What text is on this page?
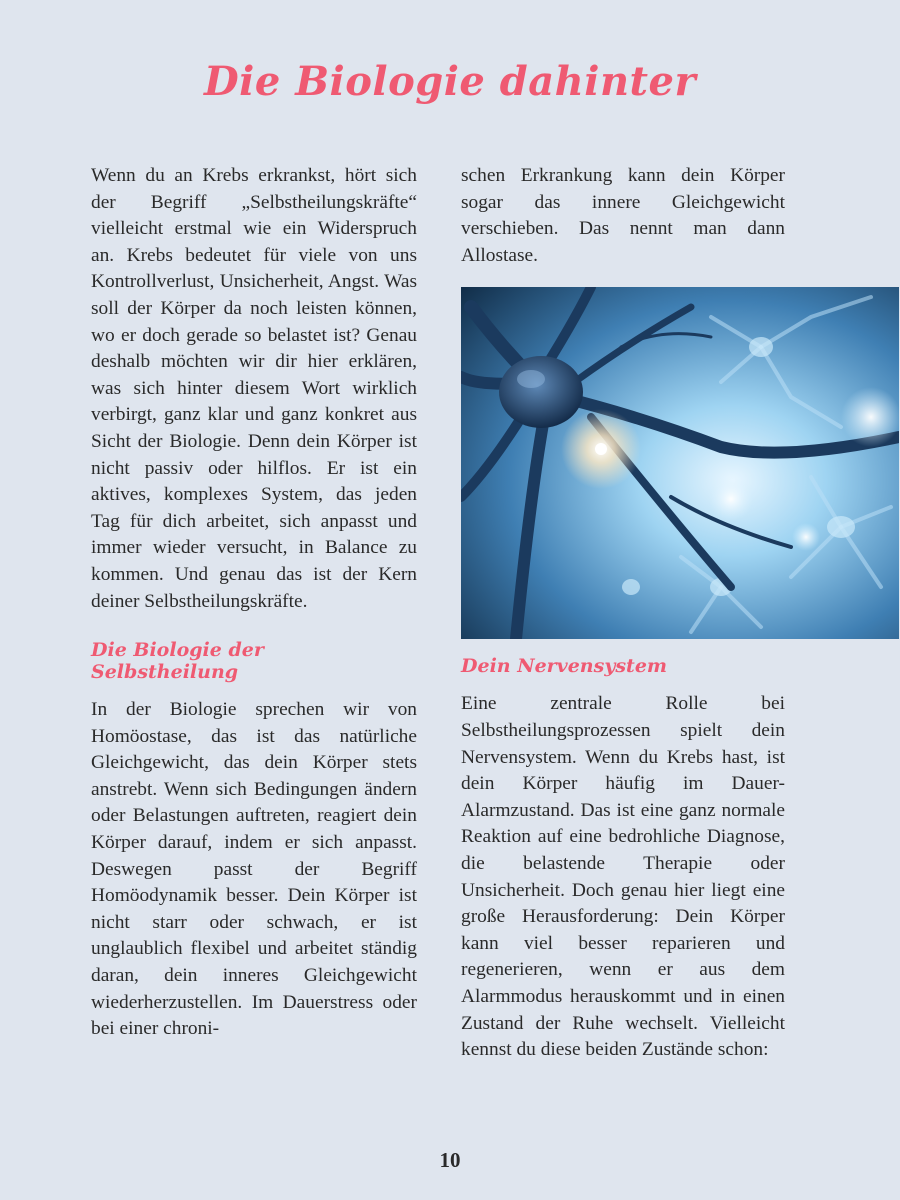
Die Biologie dahinter

Wenn du an Krebs erkrankst, hört sich der Begriff „Selbstheilungskräfte“ vielleicht erstmal wie ein Widerspruch an. Krebs bedeutet für viele von uns Kontrollverlust, Unsicherheit, Angst. Was soll der Körper da noch leisten können, wo er doch gerade so belastet ist? Genau deshalb möchten wir dir hier erklären, was sich hinter diesem Wort wirklich verbirgt, ganz klar und ganz konkret aus Sicht der Biologie. Denn dein Körper ist nicht passiv oder hilflos. Er ist ein aktives, komplexes System, das jeden Tag für dich arbeitet, sich anpasst und immer wieder versucht, in Balance zu kommen. Und genau das ist der Kern deiner Selbstheilungskräfte.

Die Biologie der Selbstheilung

In der Biologie sprechen wir von Homöostase, das ist das natürliche Gleichgewicht, das dein Körper stets anstrebt. Wenn sich Bedingungen ändern oder Belastungen auftreten, reagiert dein Körper darauf, indem er sich anpasst. Deswegen passt der Begriff Homöodynamik besser. Dein Körper ist nicht starr oder schwach, er ist unglaublich flexibel und arbeitet ständig daran, dein inneres Gleichgewicht wiederherzustellen. Im Dauerstress oder bei einer chroni-

schen Erkrankung kann dein Körper sogar das innere Gleichgewicht verschieben. Das nennt man dann Allostase.

Dein Nervensystem

Eine zentrale Rolle bei Selbstheilungsprozessen spielt dein Nervensystem. Wenn du Krebs hast, ist dein Körper häufig im Dauer-Alarmzustand. Das ist eine ganz normale Reaktion auf eine bedrohliche Diagnose, die belastende Therapie oder Unsicherheit. Doch genau hier liegt eine große Herausforderung: Dein Körper kann viel besser reparieren und regenerieren, wenn er aus dem Alarmmodus herauskommt und in einen Zustand der Ruhe wechselt. Vielleicht kennst du diese beiden Zustände schon:

10
